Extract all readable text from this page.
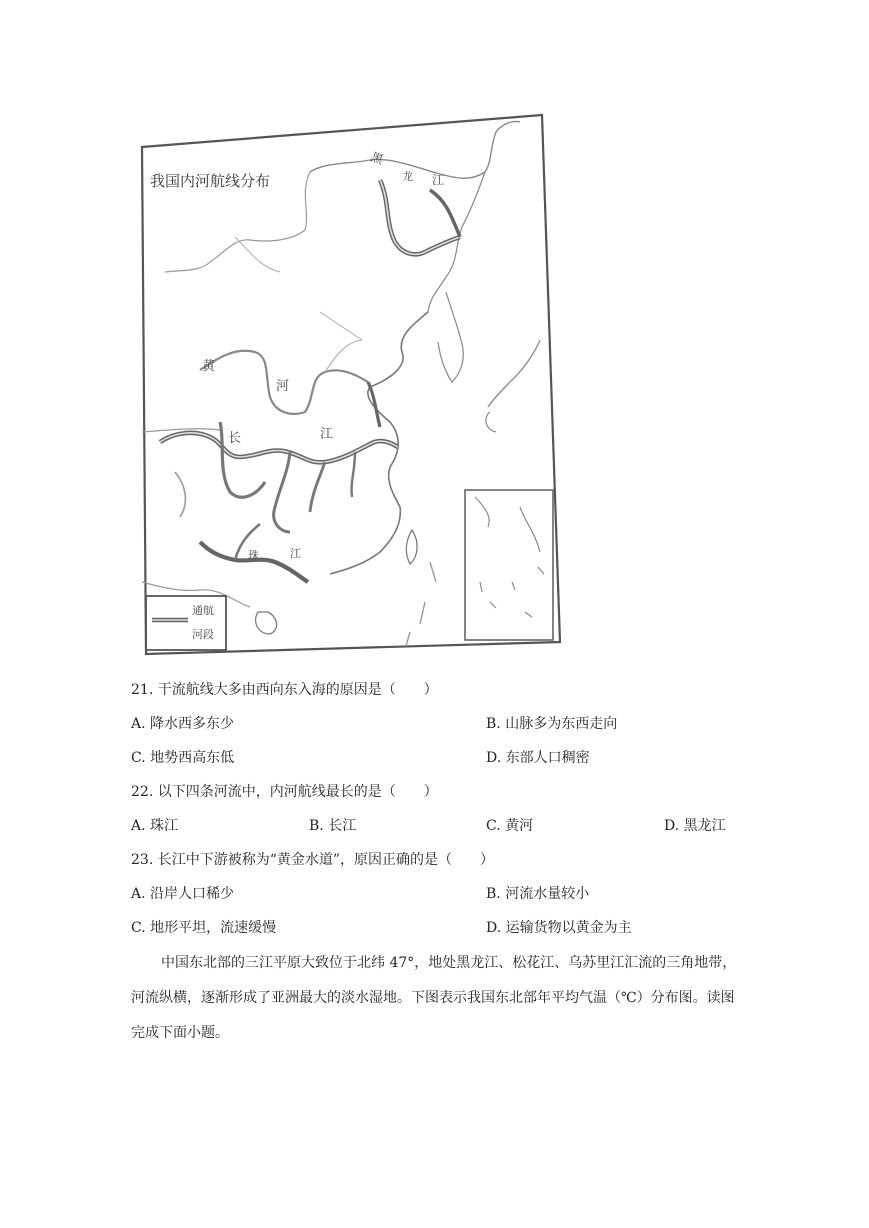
我国内河航线分布
黑
龙 江
黄
河
长	江
珠	江
通航
河段
21. 干流航线大多由西向东入海的原因是（　　）
A. 降水西多东少	B. 山脉多为东西走向
C. 地势西高东低	D. 东部人口稠密
22. 以下四条河流中，内河航线最长的是（　　）
A. 珠江	B. 长江	C. 黄河	D. 黑龙江
23. 长江中下游被称为“黄金水道”，原因正确的是（　　）
A. 沿岸人口稀少	B. 河流水量较小
C. 地形平坦，流速缓慢	D. 运输货物以黄金为主

中国东北部的三江平原大致位于北纬 47°，地处黑龙江、松花江、乌苏里江汇流的三角地带，河流纵横，逐渐形成了亚洲最大的淡水湿地。下图表示我国东北部年平均气温（℃）分布图。读图完成下面小题。
